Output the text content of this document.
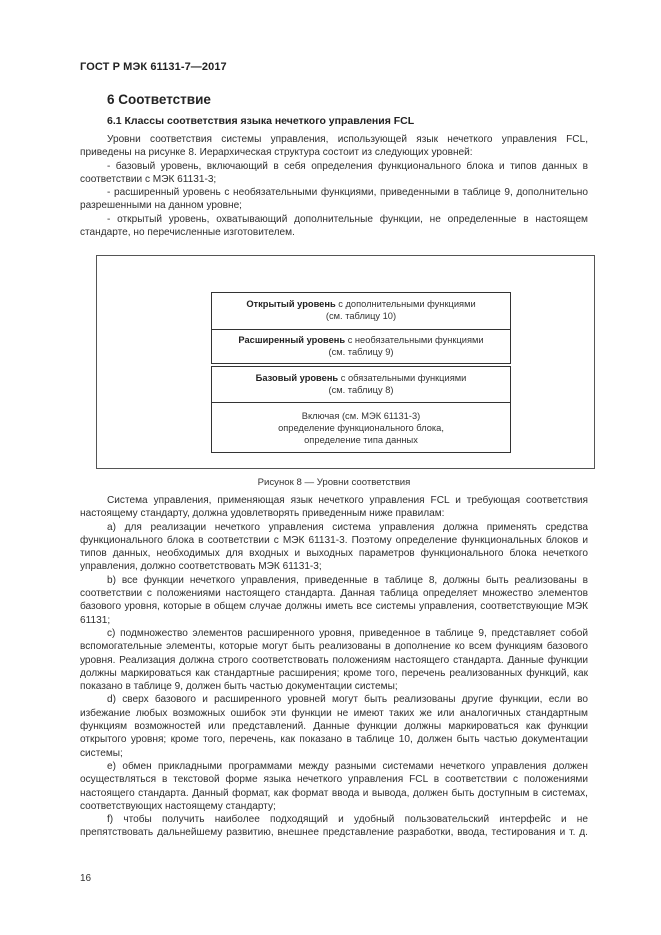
ГОСТ Р МЭК 61131-7—2017
6 Соответствие
6.1 Классы соответствия языка нечеткого управления FCL

Уровни соответствия системы управления, использующей язык нечеткого управления FCL, приведены на рисунке 8. Иерархическая структура состоит из следующих уровней:

- базовый уровень, включающий в себя определения функционального блока и типов данных в соответствии с МЭК 61131-3;

- расширенный уровень с необязательными функциями, приведенными в таблице 9, дополнительно разрешенными на данном уровне;

- открытый уровень, охватывающий дополнительные функции, не определенные в настоящем стандарте, но перечисленные изготовителем.

Открытый уровень с дополнительными функциями
(см. таблицу 10)
Расширенный уровень с необязательными функциями
(см. таблицу 9)
Базовый уровень с обязательными функциями
(см. таблицу 8)
Включая (см. МЭК 61131-3)
определение функционального блока,
определение типа данных
Рисунок 8 — Уровни соответствия

Система управления, применяющая язык нечеткого управления FCL и требующая соответствия настоящему стандарту, должна удовлетворять приведенным ниже правилам:

a) для реализации нечеткого управления система управления должна применять средства функционального блока в соответствии с МЭК 61131-3. Поэтому определение функциональных блоков и типов данных, необходимых для входных и выходных параметров функционального блока нечеткого управления, должно соответствовать МЭК 61131-3;

b) все функции нечеткого управления, приведенные в таблице 8, должны быть реализованы в соответствии с положениями настоящего стандарта. Данная таблица определяет множество элементов базового уровня, которые в общем случае должны иметь все системы управления, соответствующие МЭК 61131;

c) подмножество элементов расширенного уровня, приведенное в таблице 9, представляет собой вспомогательные элементы, которые могут быть реализованы в дополнение ко всем функциям базового уровня. Реализация должна строго соответствовать положениям настоящего стандарта. Данные функции должны маркироваться как стандартные расширения; кроме того, перечень реализованных функций, как показано в таблице 9, должен быть частью документации системы;

d) сверх базового и расширенного уровней могут быть реализованы другие функции, если во избежание любых возможных ошибок эти функции не имеют таких же или аналогичных стандартным функциям возможностей или представлений. Данные функции должны маркироваться как функции открытого уровня; кроме того, перечень, как показано в таблице 10, должен быть частью документации системы;

e) обмен прикладными программами между разными системами нечеткого управления должен осуществляться в текстовой форме языка нечеткого управления FCL в соответствии с положениями настоящего стандарта. Данный формат, как формат ввода и вывода, должен быть доступным в системах, соответствующих настоящему стандарту;

f) чтобы получить наиболее подходящий и удобный пользовательский интерфейс и не препятствовать дальнейшему развитию, внешнее представление разработки, ввода, тестирования и т. д.

16
